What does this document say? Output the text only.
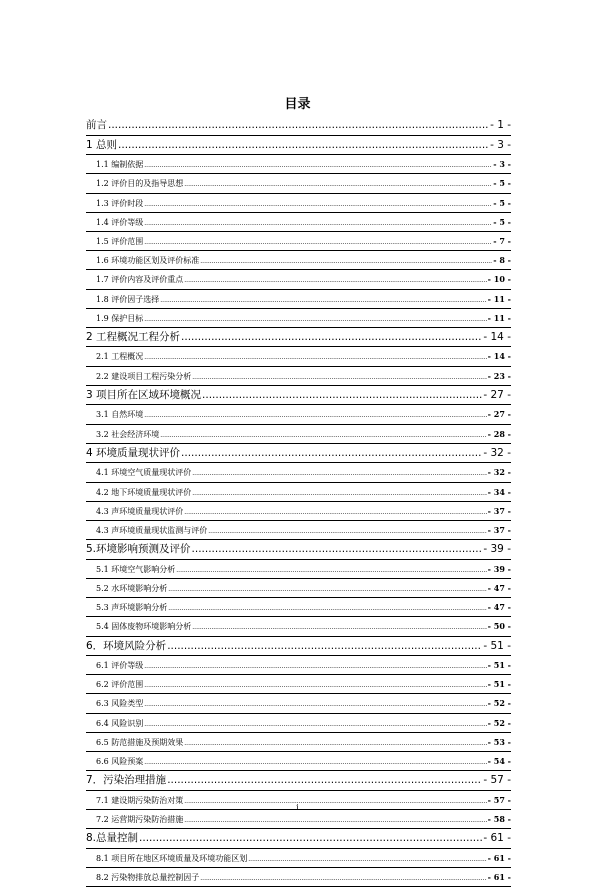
目录
前言 .....	- 1 -
1 总则 .....	- 3 -
1.1 编制依据 .....	- 3 -
1.2 评价目的及指导思想 .....	- 5 -
1.3 评价时段 .....	- 5 -
1.4 评价等级 .....	- 5 -
1.5 评价范围 .....	- 7 -
1.6 环境功能区划及评价标准 .....	- 8 -
1.7 评价内容及评价重点 .....	- 10 -
1.8 评价因子选择 .....	- 11 -
1.9 保护目标 .....	- 11 -
2 工程概况工程分析 .....	- 14 -
2.1 工程概况 .....	- 14 -
2.2 建设项目工程污染分析 .....	- 23 -
3 项目所在区域环境概况 .....	- 27 -
3.1 自然环境 .....	- 27 -
3.2 社会经济环境 .....	- 28 -
4 环境质量现状评价 .....	- 32 -
4.1 环境空气质量现状评价 .....	- 32 -
4.2 地下环境质量现状评价 .....	- 34 -
4.3 声环境质量现状评价 .....	- 37 -
4.3 声环境质量现状监测与评价 .....	- 37 -
5.环境影响预测及评价 .....	- 39 -
5.1 环境空气影响分析 .....	- 39 -
5.2 水环境影响分析 .....	- 47 -
5.3 声环境影响分析 .....	- 47 -
5.4 固体废物环境影响分析 .....	- 50 -
6．环境风险分析 .....	- 51 -
6.1 评价等级 .....	- 51 -
6.2 评价范围 .....	- 51 -
6.3 风险类型 .....	- 52 -
6.4 风险识别 .....	- 52 -
6.5 防范措施及预期效果 .....	- 53 -
6.6 风险预案 .....	- 54 -
7．污染治理措施 .....	- 57 -
7.1 建设期污染防治对策 .....	- 57 -
7.2 运营期污染防治措施 .....	- 58 -
8.总量控制 .....	- 61 -
8.1 项目所在地区环境质量及环境功能区划 .....	- 61 -
8.2 污染物排放总量控制因子 .....	- 61 -
i
